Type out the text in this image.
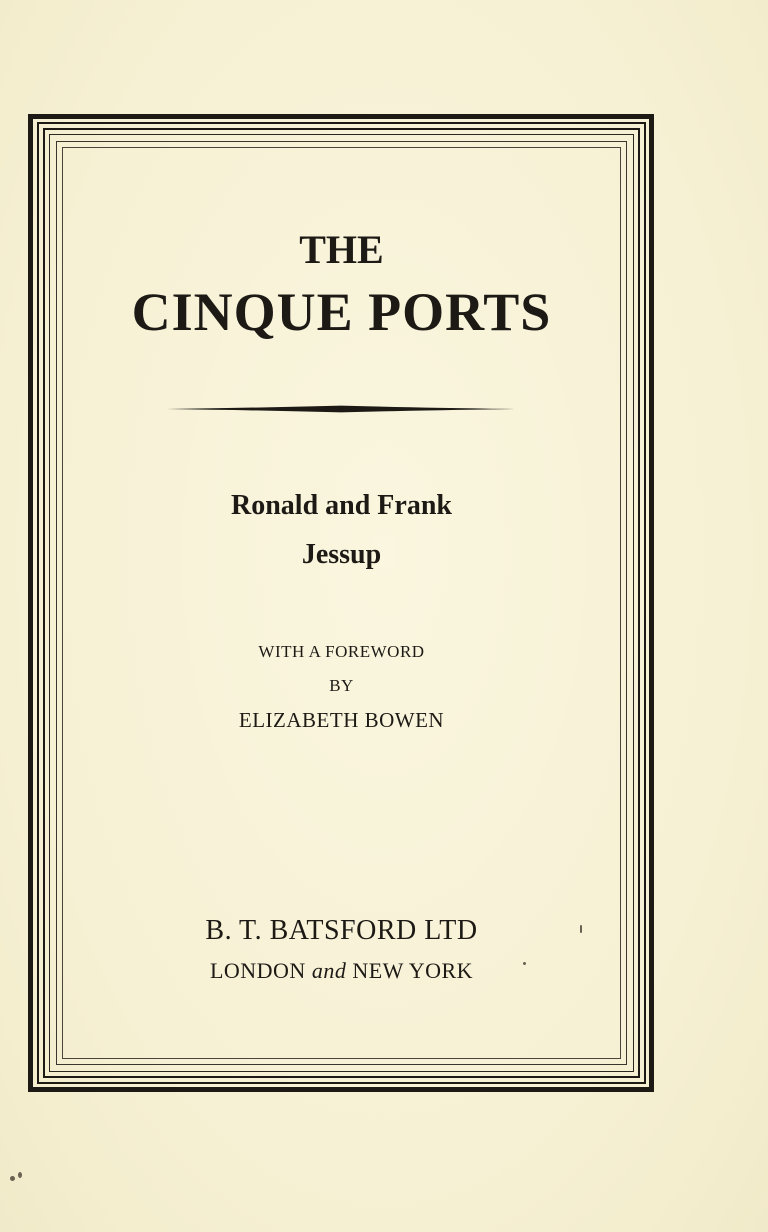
THE
CINQUE PORTS
Ronald and Frank
Jessup
WITH A FOREWORD
BY
ELIZABETH BOWEN
B. T. BATSFORD LTD
LONDON and NEW YORK
